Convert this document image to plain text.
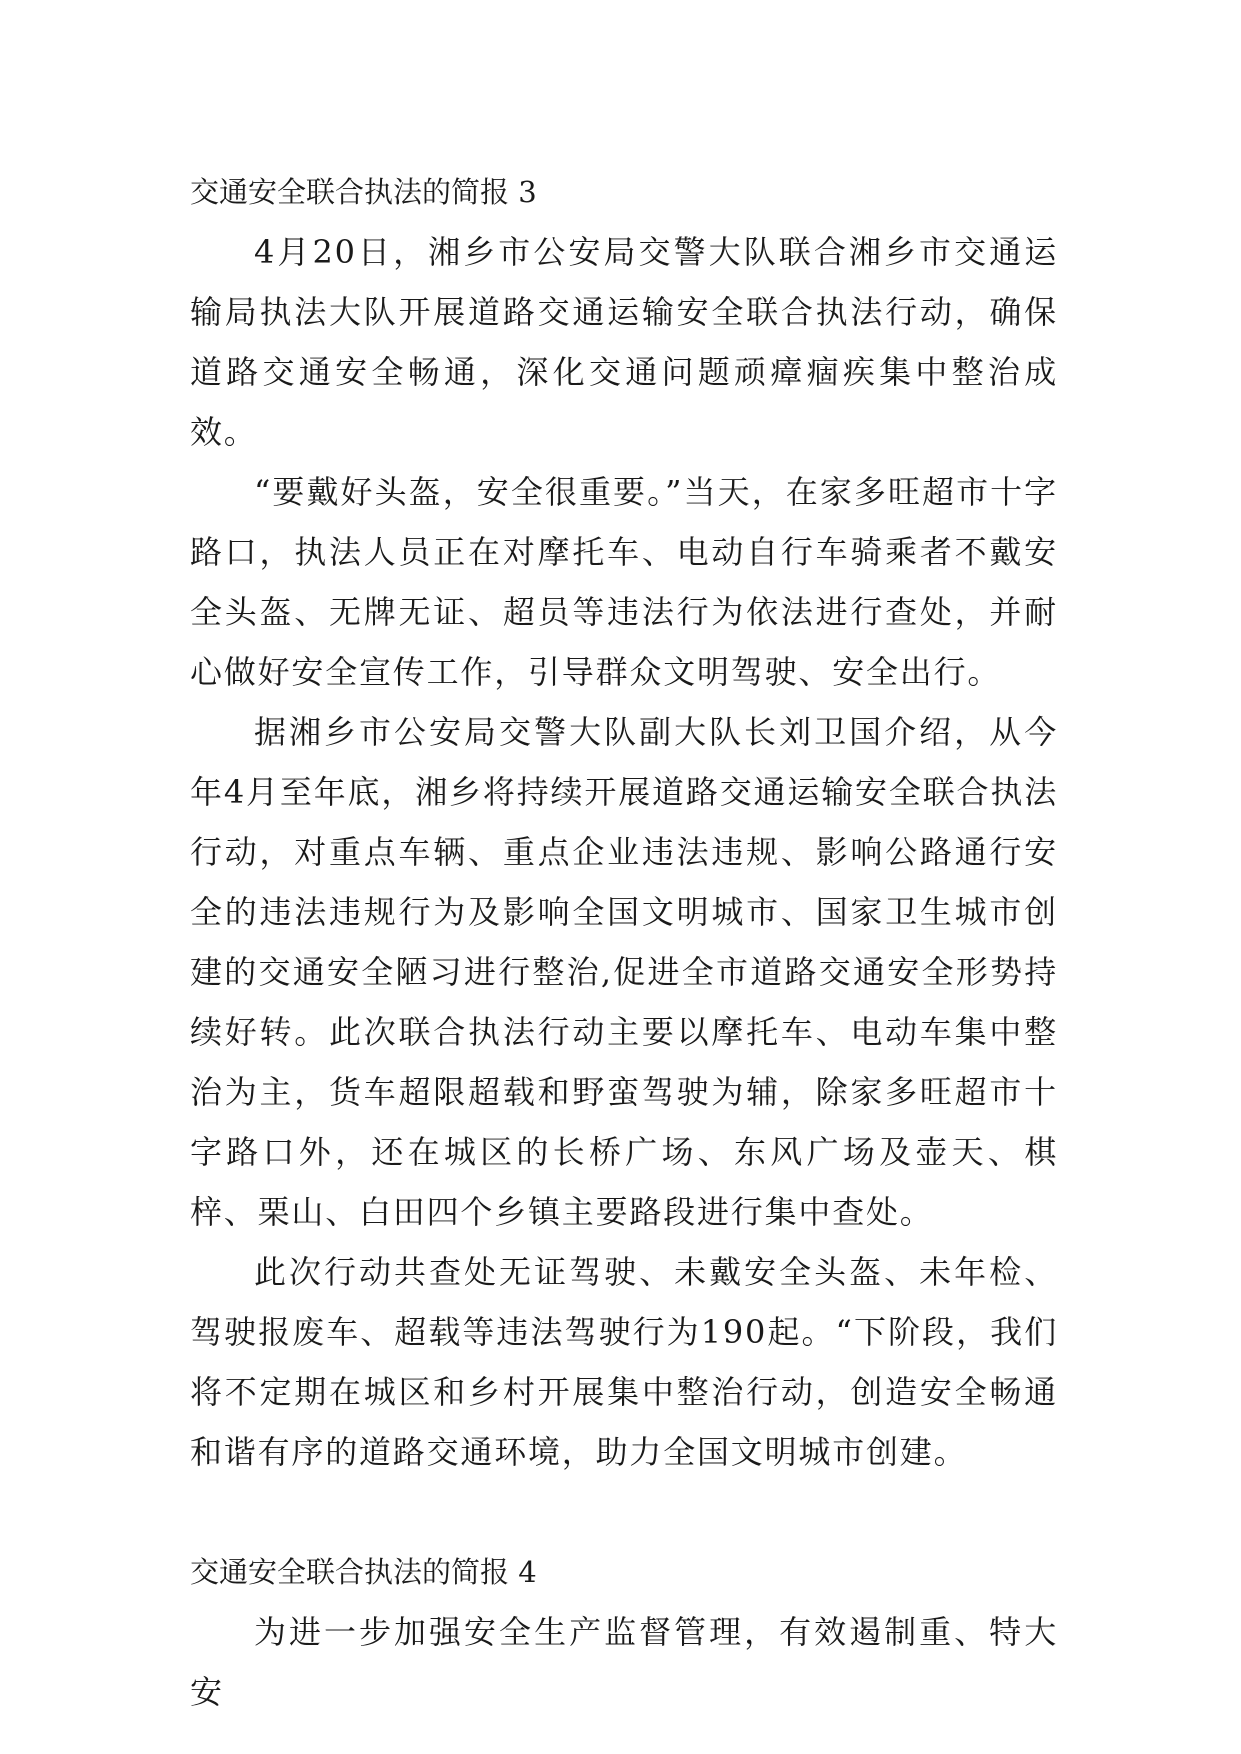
交通安全联合执法的简报 3

4月20日，湘乡市公安局交警大队联合湘乡市交通运输局执法大队开展道路交通运输安全联合执法行动，确保道路交通安全畅通，深化交通问题顽瘴痼疾集中整治成效。

“要戴好头盔，安全很重要。”当天，在家多旺超市十字路口，执法人员正在对摩托车、电动自行车骑乘者不戴安全头盔、无牌无证、超员等违法行为依法进行查处，并耐心做好安全宣传工作，引导群众文明驾驶、安全出行。

据湘乡市公安局交警大队副大队长刘卫国介绍，从今年4月至年底，湘乡将持续开展道路交通运输安全联合执法行动，对重点车辆、重点企业违法违规、影响公路通行安全的违法违规行为及影响全国文明城市、国家卫生城市创建的交通安全陋习进行整治,促进全市道路交通安全形势持续好转。此次联合执法行动主要以摩托车、电动车集中整治为主，货车超限超载和野蛮驾驶为辅，除家多旺超市十字路口外，还在城区的长桥广场、东风广场及壶天、棋梓、栗山、白田四个乡镇主要路段进行集中查处。

此次行动共查处无证驾驶、未戴安全头盔、未年检、驾驶报废车、超载等违法驾驶行为190起。“下阶段，我们将不定期在城区和乡村开展集中整治行动，创造安全畅通和谐有序的道路交通环境，助力全国文明城市创建。

交通安全联合执法的简报 4

为进一步加强安全生产监督管理，有效遏制重、特大安
